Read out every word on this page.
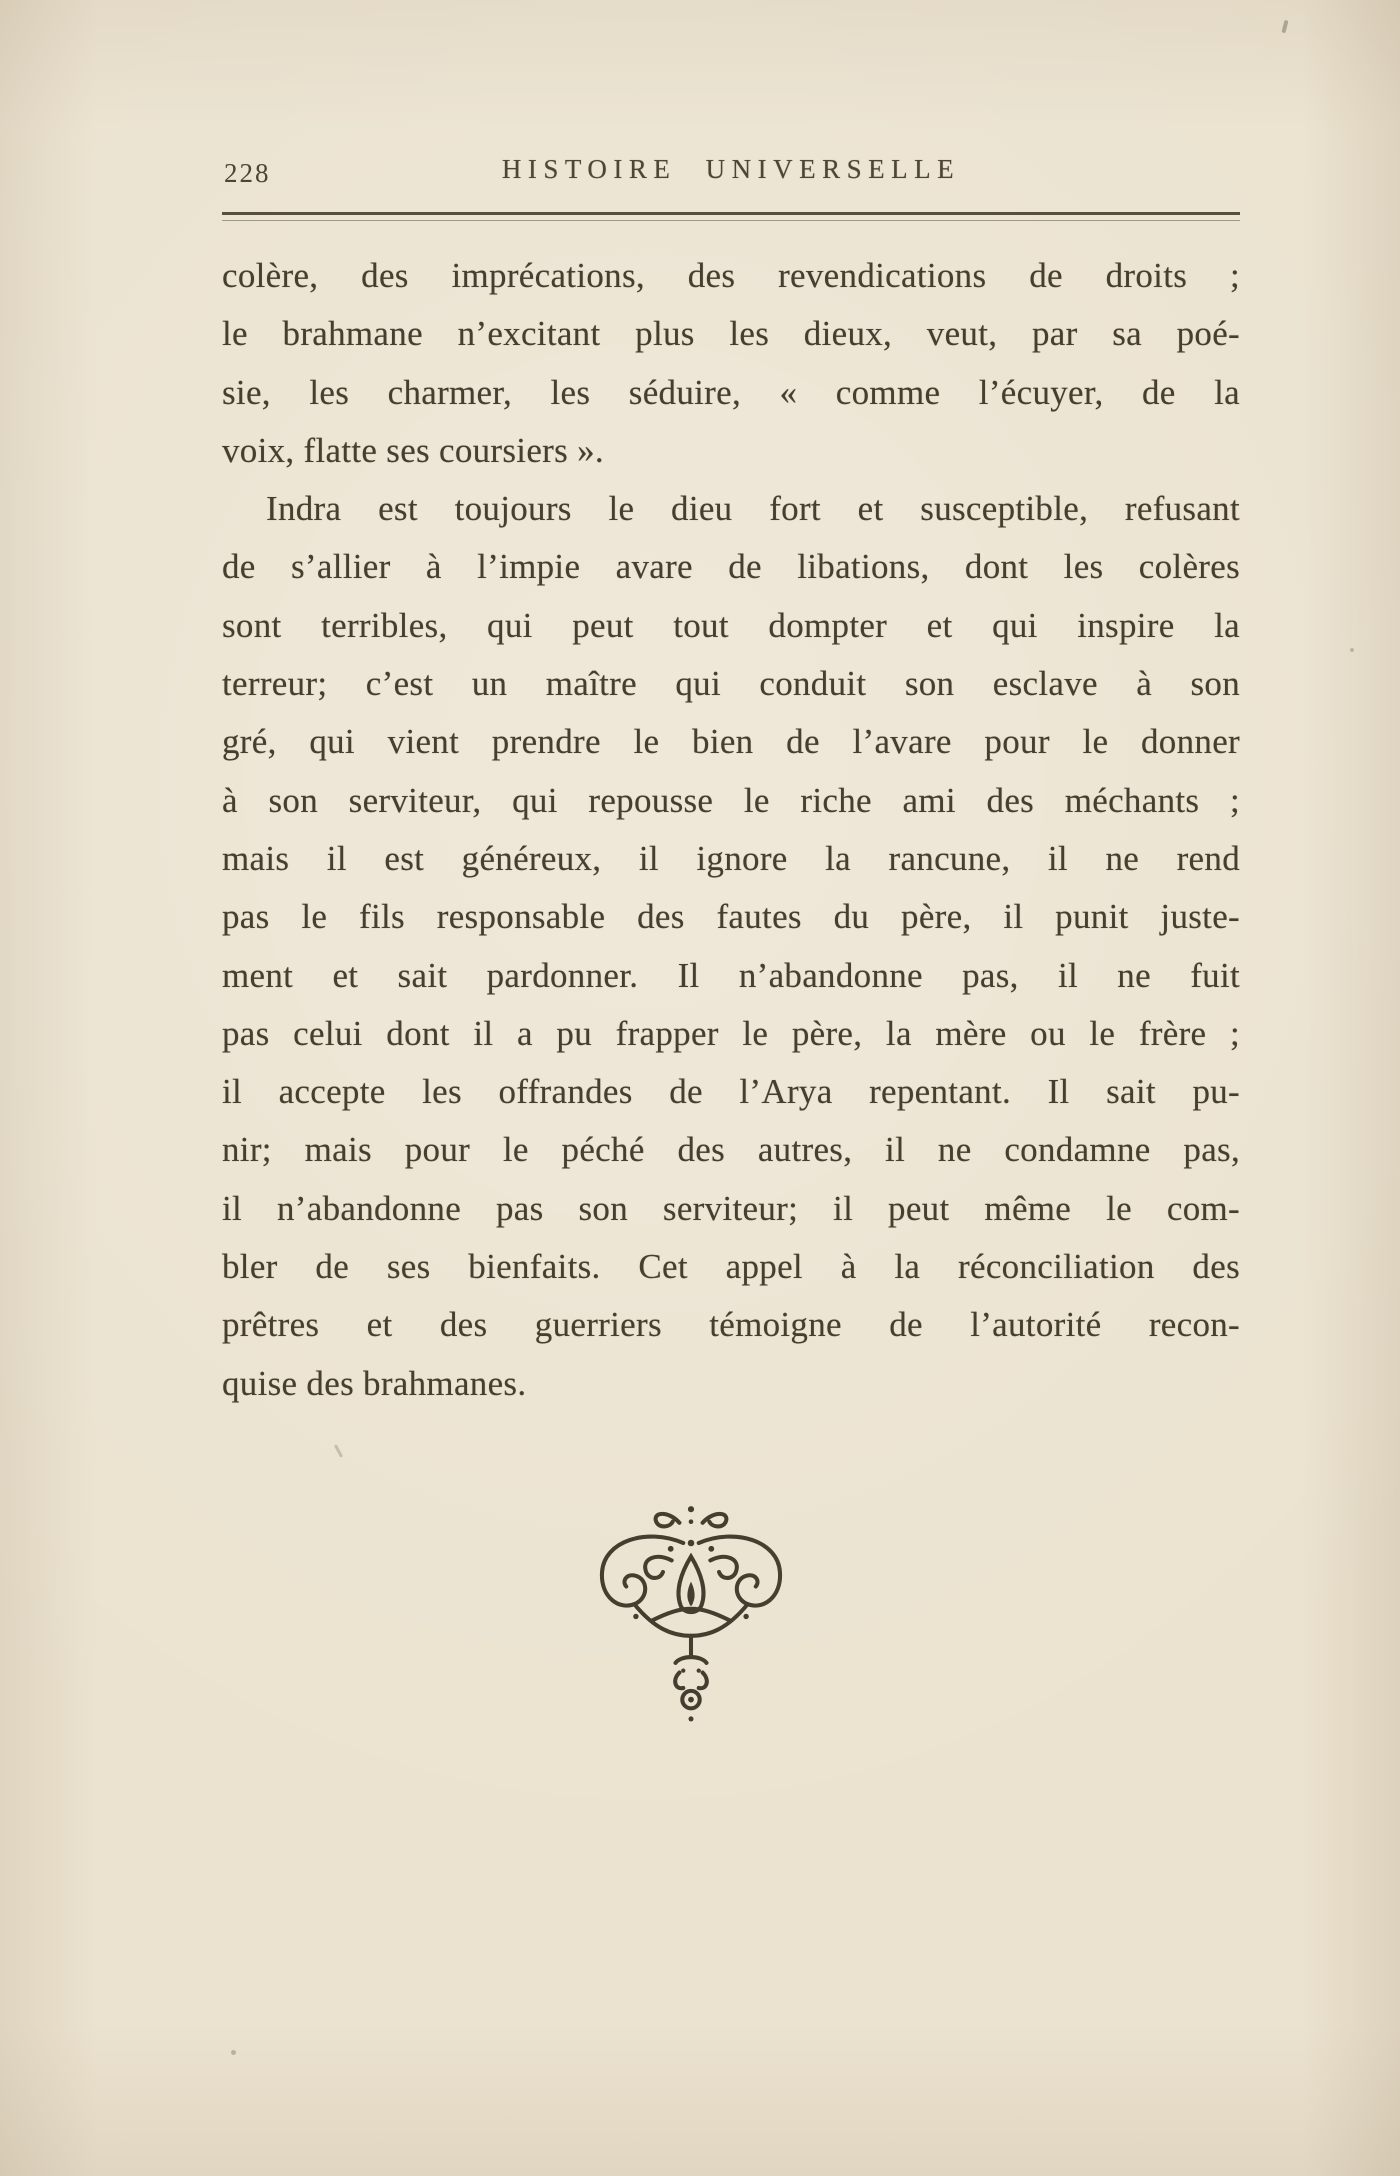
228	HISTOIRE UNIVERSELLE
colère, des imprécations, des revendications de droits ;
le brahmane n’excitant plus les dieux, veut, par sa poé-
sie, les charmer, les séduire, « comme l’écuyer, de la
voix, flatte ses coursiers ».
Indra est toujours le dieu fort et susceptible, refusant
de s’allier à l’impie avare de libations, dont les colères
sont terribles, qui peut tout dompter et qui inspire la
terreur; c’est un maître qui conduit son esclave à son
gré, qui vient prendre le bien de l’avare pour le donner
à son serviteur, qui repousse le riche ami des méchants ;
mais il est généreux, il ignore la rancune, il ne rend
pas le fils responsable des fautes du père, il punit juste-
ment et sait pardonner. Il n’abandonne pas, il ne fuit
pas celui dont il a pu frapper le père, la mère ou le frère ;
il accepte les offrandes de l’Arya repentant. Il sait pu-
nir; mais pour le péché des autres, il ne condamne pas,
il n’abandonne pas son serviteur; il peut même le com-
bler de ses bienfaits. Cet appel à la réconciliation des
prêtres et des guerriers témoigne de l’autorité recon-
quise des brahmanes.
